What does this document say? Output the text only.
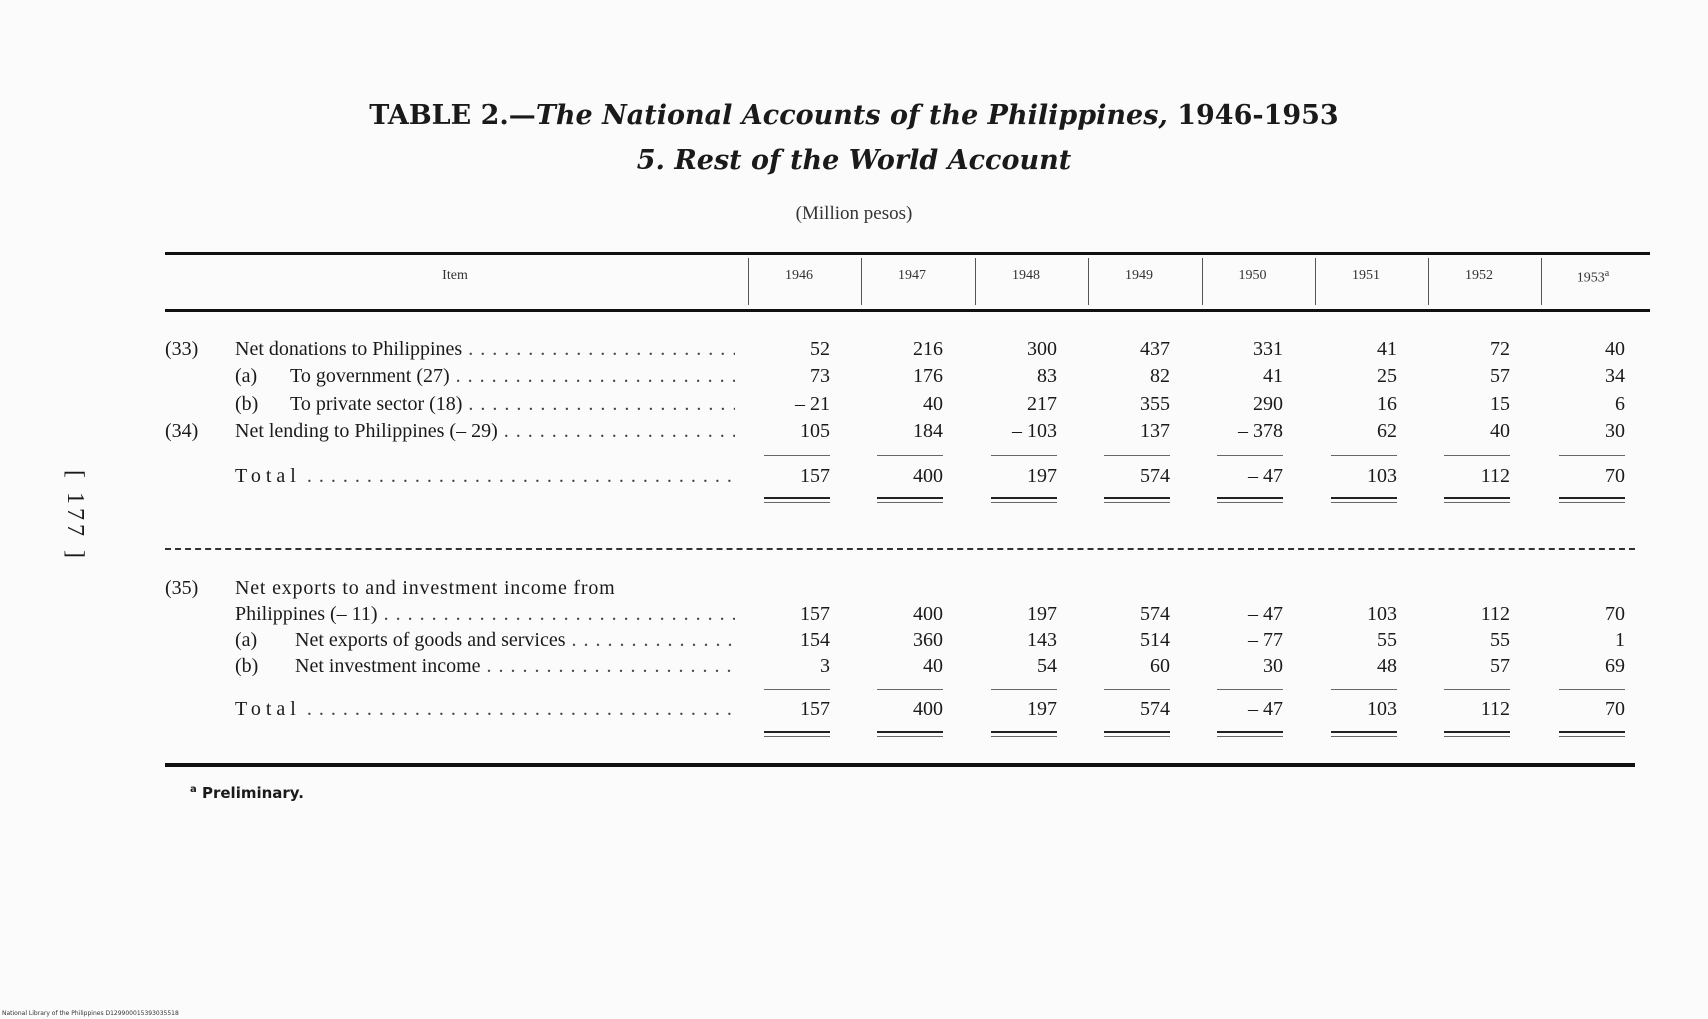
TABLE 2.—The National Accounts of the Philippines, 1946-1953
5. Rest of the World Account
(Million pesos)
[ 177 ]
Item	1946	1947	1948	1949	1950	1951	1952	1953$^a$
(33) Net donations to Philippines . . .	52	216	300	437	331	41	72	40
(a) To government (27) . . .	73	176	83	82	41	25	57	34
(b) To private sector (18) . . .	– 21	40	217	355	290	16	15	6
(34) Net lending to Philippines (– 29) . . .	105	184	– 103	137	– 378	62	40	30
Total . . .	157	400	197	574	– 47	103	112	70
(35) Net exports to and investment income from
Philippines (– 11) . . .	157	400	197	574	– 47	103	112	70
(a) Net exports of goods and services . . .	154	360	143	514	– 77	55	55	1
(b) Net investment income . . .	3	40	54	60	30	48	57	69
Total . . .	157	400	197	574	– 47	103	112	70
$^a$ Preliminary.
National Library of the Philippines D129900015393035518
